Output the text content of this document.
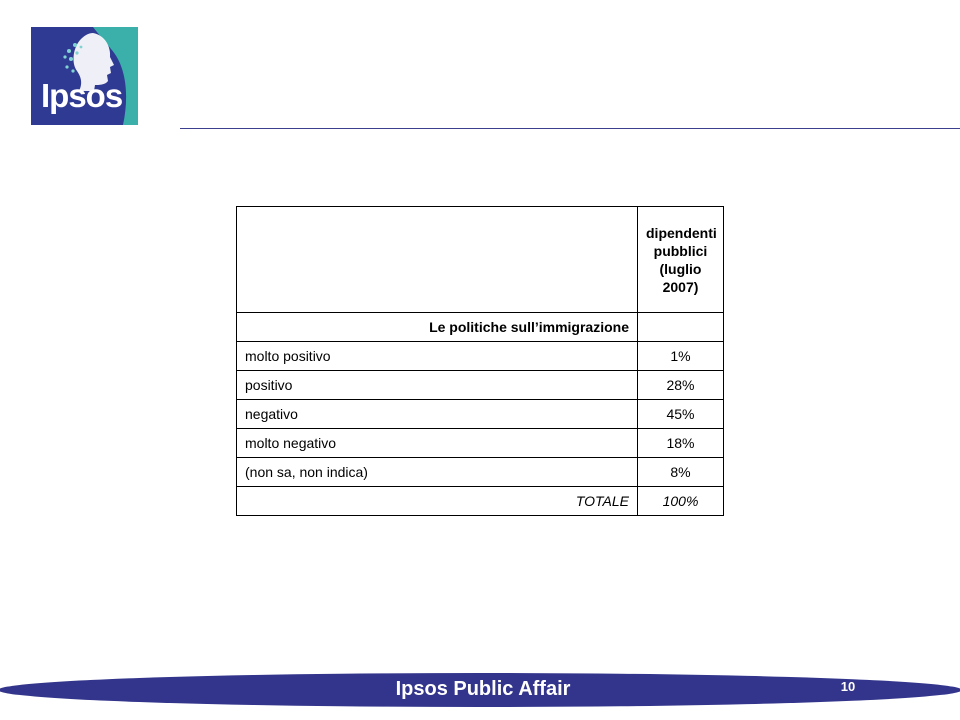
Ipsos
	dipendenti pubblici (luglio 2007)
Le politiche sull’immigrazione	
molto positivo	1%
positivo	28%
negativo	45%
molto negativo	18%
(non sa, non indica)	8%
TOTALE	100%
Ipsos Public Affair	10
